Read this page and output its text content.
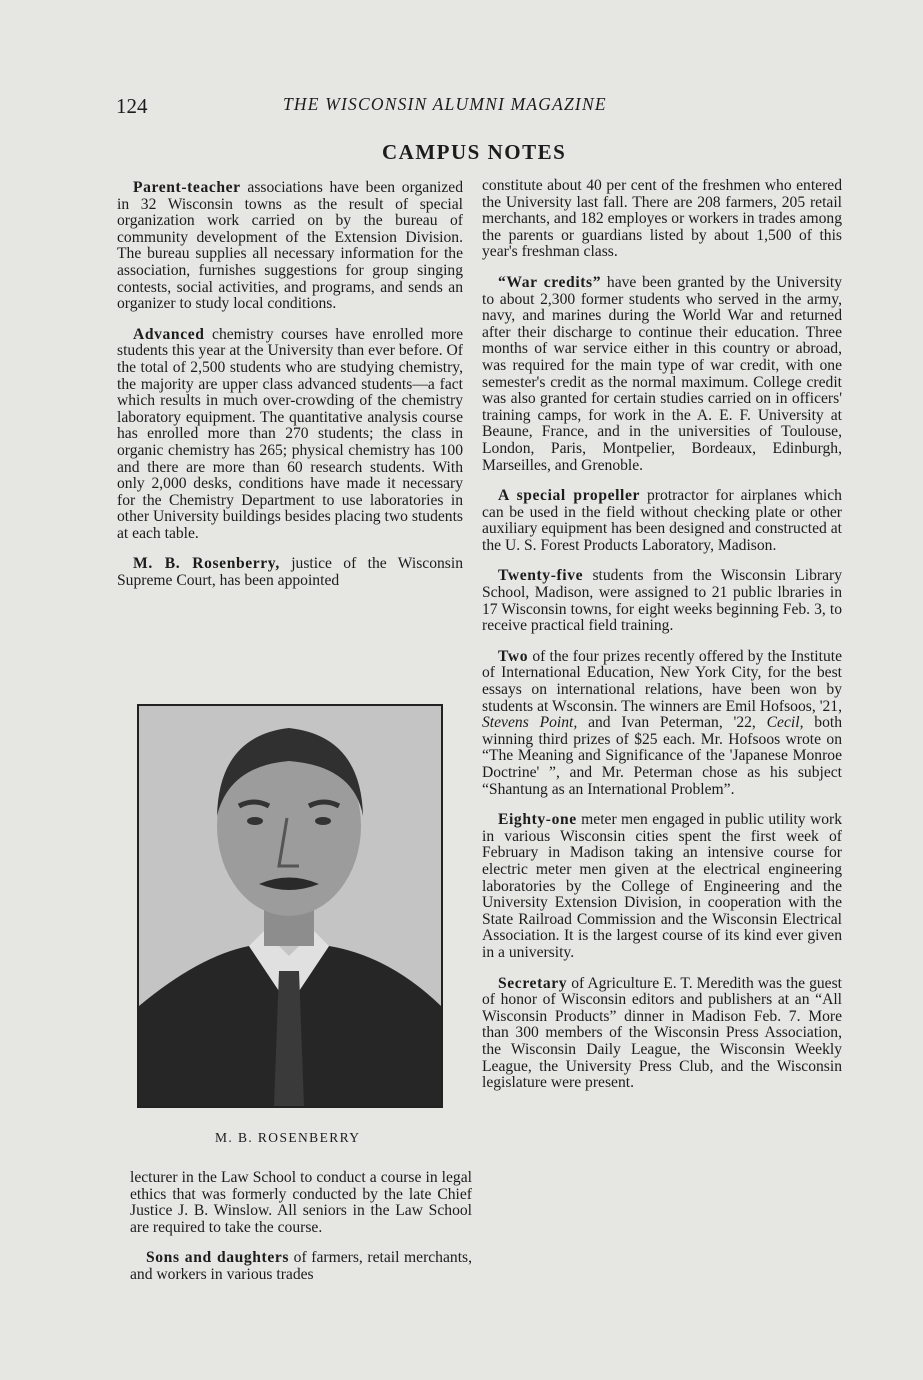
124	THE WISCONSIN ALUMNI MAGAZINE
CAMPUS NOTES

Parent-teacher associations have been organized in 32 Wisconsin towns as the result of special organization work carried on by the bureau of community development of the Extension Division. The bureau supplies all necessary information for the association, furnishes suggestions for group singing contests, social activities, and programs, and sends an organizer to study local conditions.

Advanced chemistry courses have enrolled more students this year at the University than ever before. Of the total of 2,500 students who are studying chemistry, the majority are upper class advanced students—a fact which results in much over-crowding of the chemistry laboratory equipment. The quantitative analysis course has enrolled more than 270 students; the class in organic chemistry has 265; physical chemistry has 100 and there are more than 60 research students. With only 2,000 desks, conditions have made it necessary for the Chemistry Department to use laboratories in other University buildings besides placing two students at each table.

M. B. Rosenberry, justice of the Wisconsin Supreme Court, has been appointed

M. B. ROSENBERRY

lecturer in the Law School to conduct a course in legal ethics that was formerly conducted by the late Chief Justice J. B. Winslow. All seniors in the Law School are required to take the course.

Sons and daughters of farmers, retail merchants, and workers in various trades

constitute about 40 per cent of the freshmen who entered the University last fall. There are 208 farmers, 205 retail merchants, and 182 employes or workers in trades among the parents or guardians listed by about 1,500 of this year's freshman class.

“War credits” have been granted by the University to about 2,300 former students who served in the army, navy, and marines during the World War and returned after their discharge to continue their education. Three months of war service either in this country or abroad, was required for the main type of war credit, with one semester's credit as the normal maximum. College credit was also granted for certain studies carried on in officers' training camps, for work in the A. E. F. University at Beaune, France, and in the universities of Toulouse, London, Paris, Montpelier, Bordeaux, Edinburgh, Marseilles, and Grenoble.

A special propeller protractor for airplanes which can be used in the field without checking plate or other auxiliary equipment has been designed and constructed at the U. S. Forest Products Laboratory, Madison.

Twenty-five students from the Wisconsin Library School, Madison, were assigned to 21 public lbraries in 17 Wisconsin towns, for eight weeks beginning Feb. 3, to receive practical field training.

Two of the four prizes recently offered by the Institute of International Education, New York City, for the best essays on international relations, have been won by students at Wsconsin. The winners are Emil Hofsoos, '21, Stevens Point, and Ivan Peterman, '22, Cecil, both winning third prizes of $25 each. Mr. Hofsoos wrote on “The Meaning and Significance of the 'Japanese Monroe Doctrine' ”, and Mr. Peterman chose as his subject “Shantung as an International Problem”.

Eighty-one meter men engaged in public utility work in various Wisconsin cities spent the first week of February in Madison taking an intensive course for electric meter men given at the electrical engineering laboratories by the College of Engineering and the University Extension Division, in cooperation with the State Railroad Commission and the Wisconsin Electrical Association. It is the largest course of its kind ever given in a university.

Secretary of Agriculture E. T. Meredith was the guest of honor of Wisconsin editors and publishers at an “All Wisconsin Products” dinner in Madison Feb. 7. More than 300 members of the Wisconsin Press Association, the Wisconsin Daily League, the Wisconsin Weekly League, the University Press Club, and the Wisconsin legislature were present.
